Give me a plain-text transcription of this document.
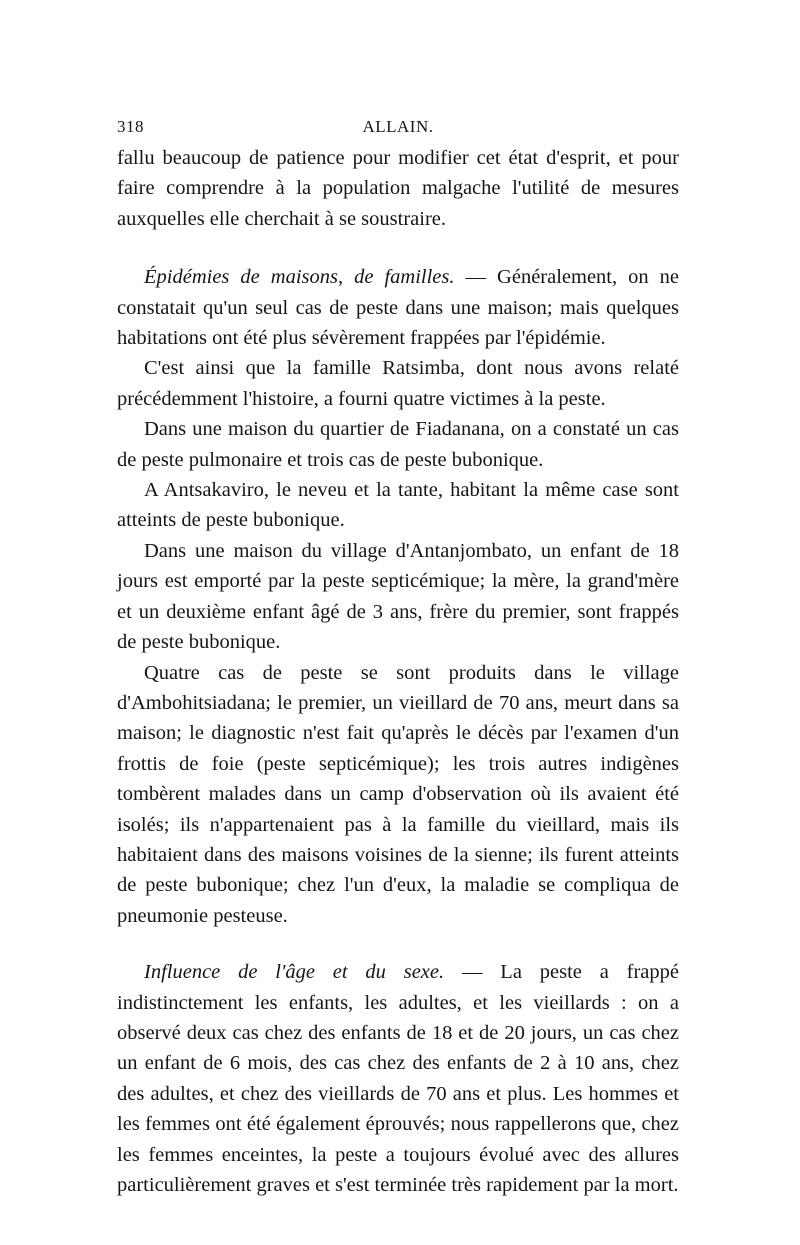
318	ALLAIN.

fallu beaucoup de patience pour modifier cet état d'esprit, et pour faire comprendre à la population malgache l'utilité de mesures auxquelles elle cherchait à se soustraire.

Épidémies de maisons, de familles. — Généralement, on ne constatait qu'un seul cas de peste dans une maison; mais quelques habitations ont été plus sévèrement frappées par l'épidémie.

C'est ainsi que la famille Ratsimba, dont nous avons relaté précédemment l'histoire, a fourni quatre victimes à la peste.

Dans une maison du quartier de Fiadanana, on a constaté un cas de peste pulmonaire et trois cas de peste bubonique.

A Antsakaviro, le neveu et la tante, habitant la même case sont atteints de peste bubonique.

Dans une maison du village d'Antanjombato, un enfant de 18 jours est emporté par la peste septicémique; la mère, la grand'mère et un deuxième enfant âgé de 3 ans, frère du premier, sont frappés de peste bubonique.

Quatre cas de peste se sont produits dans le village d'Ambohitsiadana; le premier, un vieillard de 70 ans, meurt dans sa maison; le diagnostic n'est fait qu'après le décès par l'examen d'un frottis de foie (peste septicémique); les trois autres indigènes tombèrent malades dans un camp d'observation où ils avaient été isolés; ils n'appartenaient pas à la famille du vieillard, mais ils habitaient dans des maisons voisines de la sienne; ils furent atteints de peste bubonique; chez l'un d'eux, la maladie se compliqua de pneumonie pesteuse.

Influence de l'âge et du sexe. — La peste a frappé indistinctement les enfants, les adultes, et les vieillards : on a observé deux cas chez des enfants de 18 et de 20 jours, un cas chez un enfant de 6 mois, des cas chez des enfants de 2 à 10 ans, chez des adultes, et chez des vieillards de 70 ans et plus. Les hommes et les femmes ont été également éprouvés; nous rappellerons que, chez les femmes enceintes, la peste a toujours évolué avec des allures particulièrement graves et s'est terminée très rapidement par la mort.
